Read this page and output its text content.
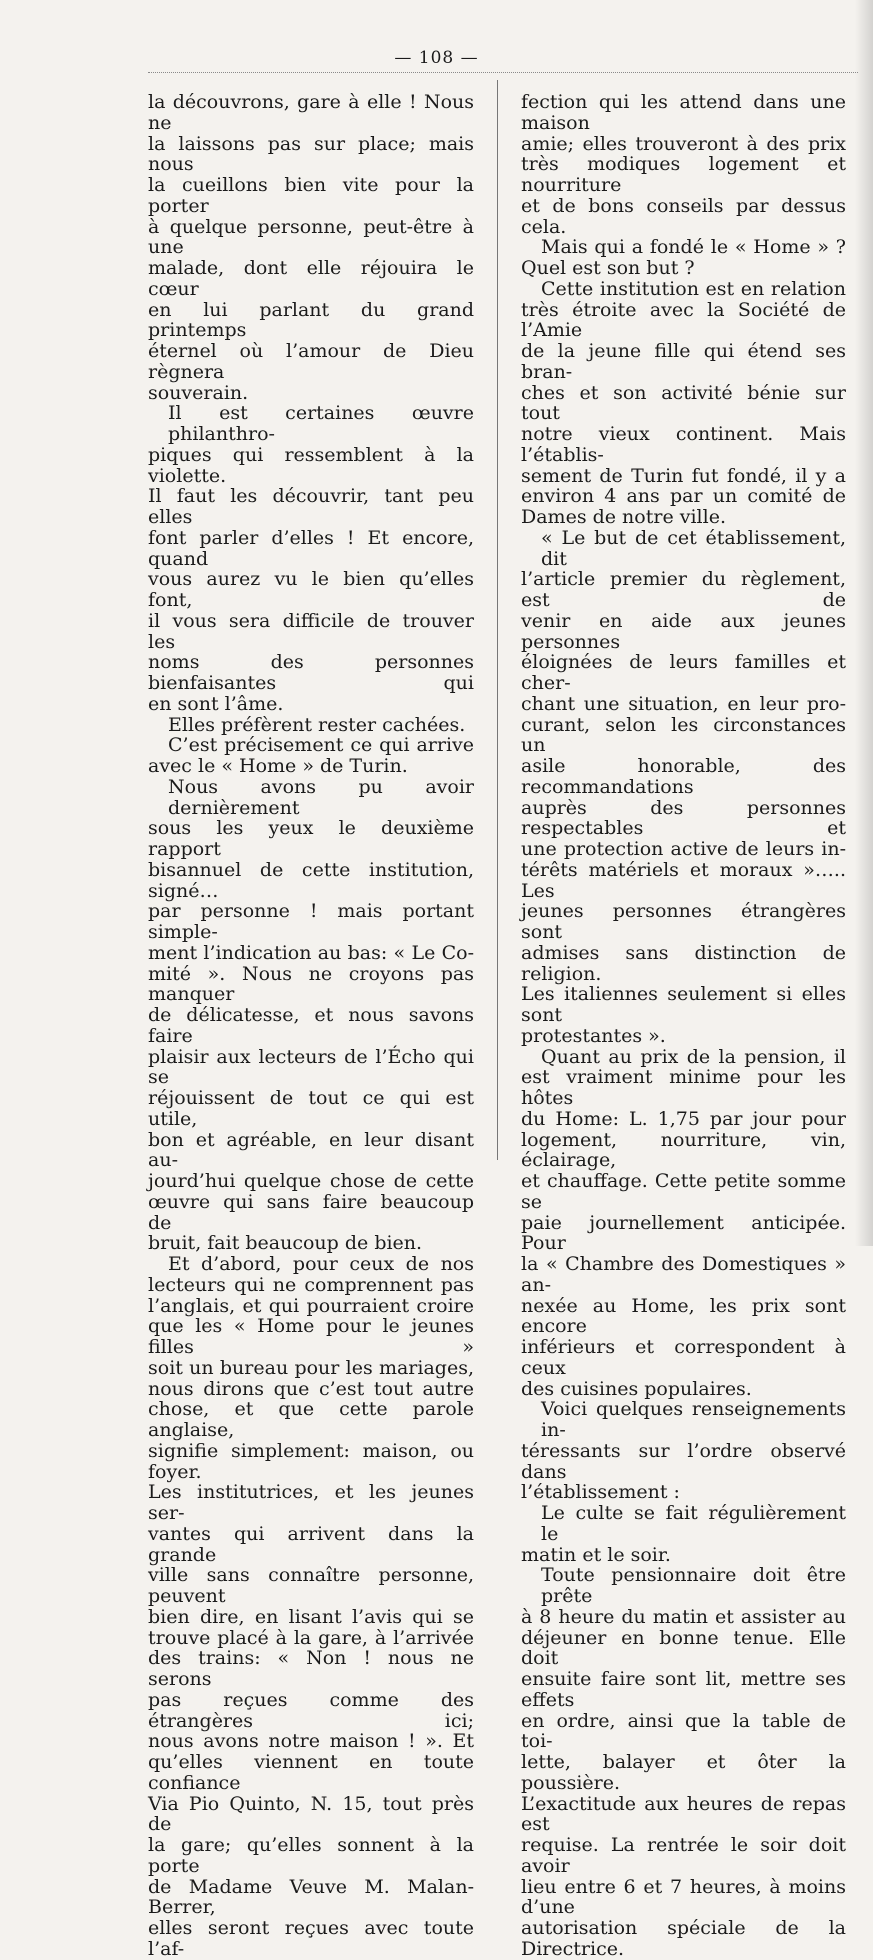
— 108 —
la découvrons, gare à elle ! Nous ne
la laissons pas sur place; mais nous
la cueillons bien vite pour la porter
à quelque personne, peut-être à une
malade, dont elle réjouira le cœur
en lui parlant du grand printemps
éternel où l’amour de Dieu règnera
souverain.
Il est certaines œuvre philanthro-
piques qui ressemblent à la violette.
Il faut les découvrir, tant peu elles
font parler d’elles ! Et encore, quand
vous aurez vu le bien qu’elles font,
il vous sera difficile de trouver les
noms des personnes bienfaisantes qui
en sont l’âme.
Elles préfèrent rester cachées.
C’est précisement ce qui arrive
avec le « Home » de Turin.
Nous avons pu avoir dernièrement
sous les yeux le deuxième rapport
bisannuel de cette institution, signé…
par personne ! mais portant simple-
ment l’indication au bas: « Le Co-
mité ». Nous ne croyons pas manquer
de délicatesse, et nous savons faire
plaisir aux lecteurs de l’Écho qui se
réjouissent de tout ce qui est utile,
bon et agréable, en leur disant au-
jourd’hui quelque chose de cette
œuvre qui sans faire beaucoup de
bruit, fait beaucoup de bien.
Et d’abord, pour ceux de nos
lecteurs qui ne comprennent pas
l’anglais, et qui pourraient croire
que les « Home pour le jeunes filles »
soit un bureau pour les mariages,
nous dirons que c’est tout autre
chose, et que cette parole anglaise,
signifie simplement: maison, ou foyer.
Les institutrices, et les jeunes ser-
vantes qui arrivent dans la grande
ville sans connaître personne, peuvent
bien dire, en lisant l’avis qui se
trouve placé à la gare, à l’arrivée
des trains: « Non ! nous ne serons
pas reçues comme des étrangères ici;
nous avons notre maison ! ». Et
qu’elles viennent en toute confiance
Via Pio Quinto, N. 15, tout près de
la gare; qu’elles sonnent à la porte
de Madame Veuve M. Malan-Berrer,
elles seront reçues avec toute l’af-
fection qui les attend dans une maison
amie; elles trouveront à des prix
très modiques logement et nourriture
et de bons conseils par dessus cela.
Mais qui a fondé le « Home » ?
Quel est son but ?
Cette institution est en relation
très étroite avec la Société de l’Amie
de la jeune fille qui étend ses bran-
ches et son activité bénie sur tout
notre vieux continent. Mais l’établis-
sement de Turin fut fondé, il y a
environ 4 ans par un comité de
Dames de notre ville.
« Le but de cet établissement, dit
l’article premier du règlement, est de
venir en aide aux jeunes personnes
éloignées de leurs familles et cher-
chant une situation, en leur pro-
curant, selon les circonstances un
asile honorable, des recommandations
auprès des personnes respectables et
une protection active de leurs in-
térêts matériels et moraux »….. Les
jeunes personnes étrangères sont
admises sans distinction de religion.
Les italiennes seulement si elles sont
protestantes ».
Quant au prix de la pension, il
est vraiment minime pour les hôtes
du Home: L. 1,75 par jour pour
logement, nourriture, vin, éclairage,
et chauffage. Cette petite somme se
paie journellement anticipée. Pour
la « Chambre des Domestiques » an-
nexée au Home, les prix sont encore
inférieurs et correspondent à ceux
des cuisines populaires.
Voici quelques renseignements in-
téressants sur l’ordre observé dans
l’établissement :
Le culte se fait régulièrement le
matin et le soir.
Toute pensionnaire doit être prête
à 8 heure du matin et assister au
déjeuner en bonne tenue. Elle doit
ensuite faire sont lit, mettre ses effets
en ordre, ainsi que la table de toi-
lette, balayer et ôter la poussière.
L’exactitude aux heures de repas est
requise. La rentrée le soir doit avoir
lieu entre 6 et 7 heures, à moins d’une
autorisation spéciale de la Directrice.
